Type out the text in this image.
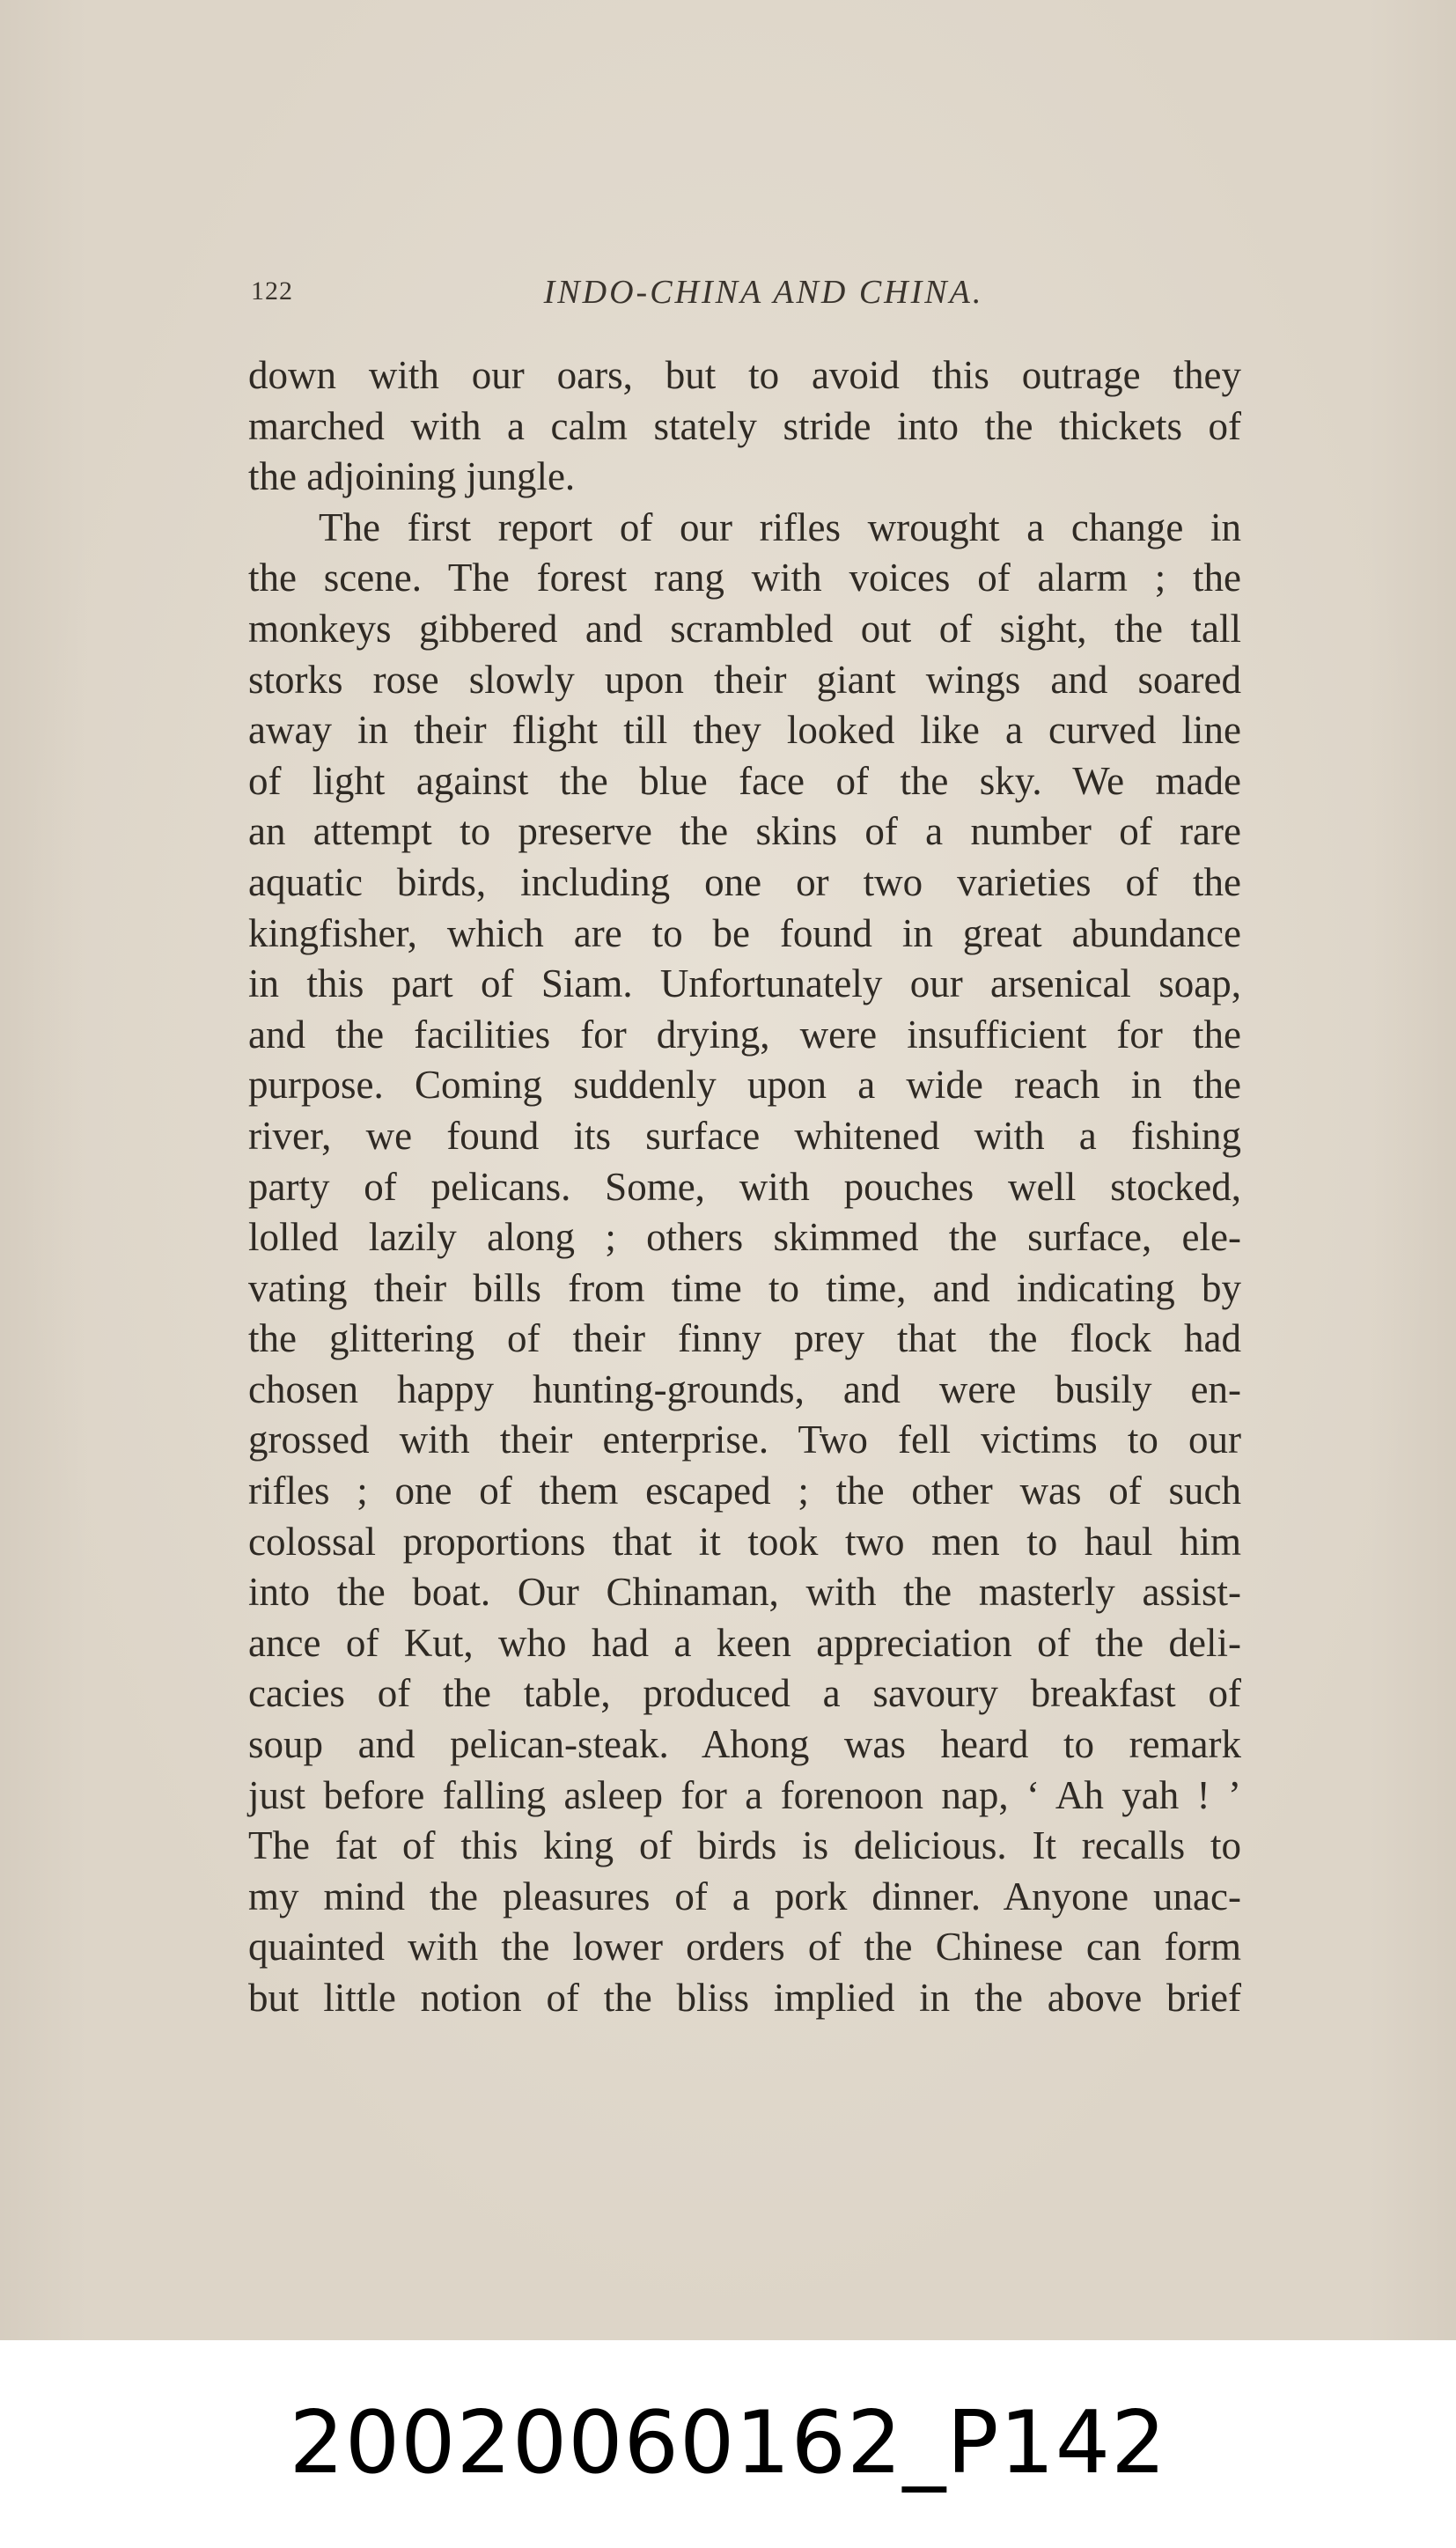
122	INDO-CHINA AND CHINA.
down with our oars, but to avoid this outrage they
marched with a calm stately stride into the thickets of
the adjoining jungle.
The first report of our rifles wrought a change in
the scene. The forest rang with voices of alarm ; the
monkeys gibbered and scrambled out of sight, the tall
storks rose slowly upon their giant wings and soared
away in their flight till they looked like a curved line
of light against the blue face of the sky. We made
an attempt to preserve the skins of a number of rare
aquatic birds, including one or two varieties of the
kingfisher, which are to be found in great abundance
in this part of Siam. Unfortunately our arsenical soap,
and the facilities for drying, were insufficient for the
purpose. Coming suddenly upon a wide reach in the
river, we found its surface whitened with a fishing
party of pelicans. Some, with pouches well stocked,
lolled lazily along ; others skimmed the surface, ele-
vating their bills from time to time, and indicating by
the glittering of their finny prey that the flock had
chosen happy hunting-grounds, and were busily en-
grossed with their enterprise. Two fell victims to our
rifles ; one of them escaped ; the other was of such
colossal proportions that it took two men to haul him
into the boat. Our Chinaman, with the masterly assist-
ance of Kut, who had a keen appreciation of the deli-
cacies of the table, produced a savoury breakfast of
soup and pelican-steak. Ahong was heard to remark
just before falling asleep for a forenoon nap, ‘ Ah yah ! ’
The fat of this king of birds is delicious. It recalls to
my mind the pleasures of a pork dinner. Anyone unac-
quainted with the lower orders of the Chinese can form
but little notion of the bliss implied in the above brief
20020060162_P142
